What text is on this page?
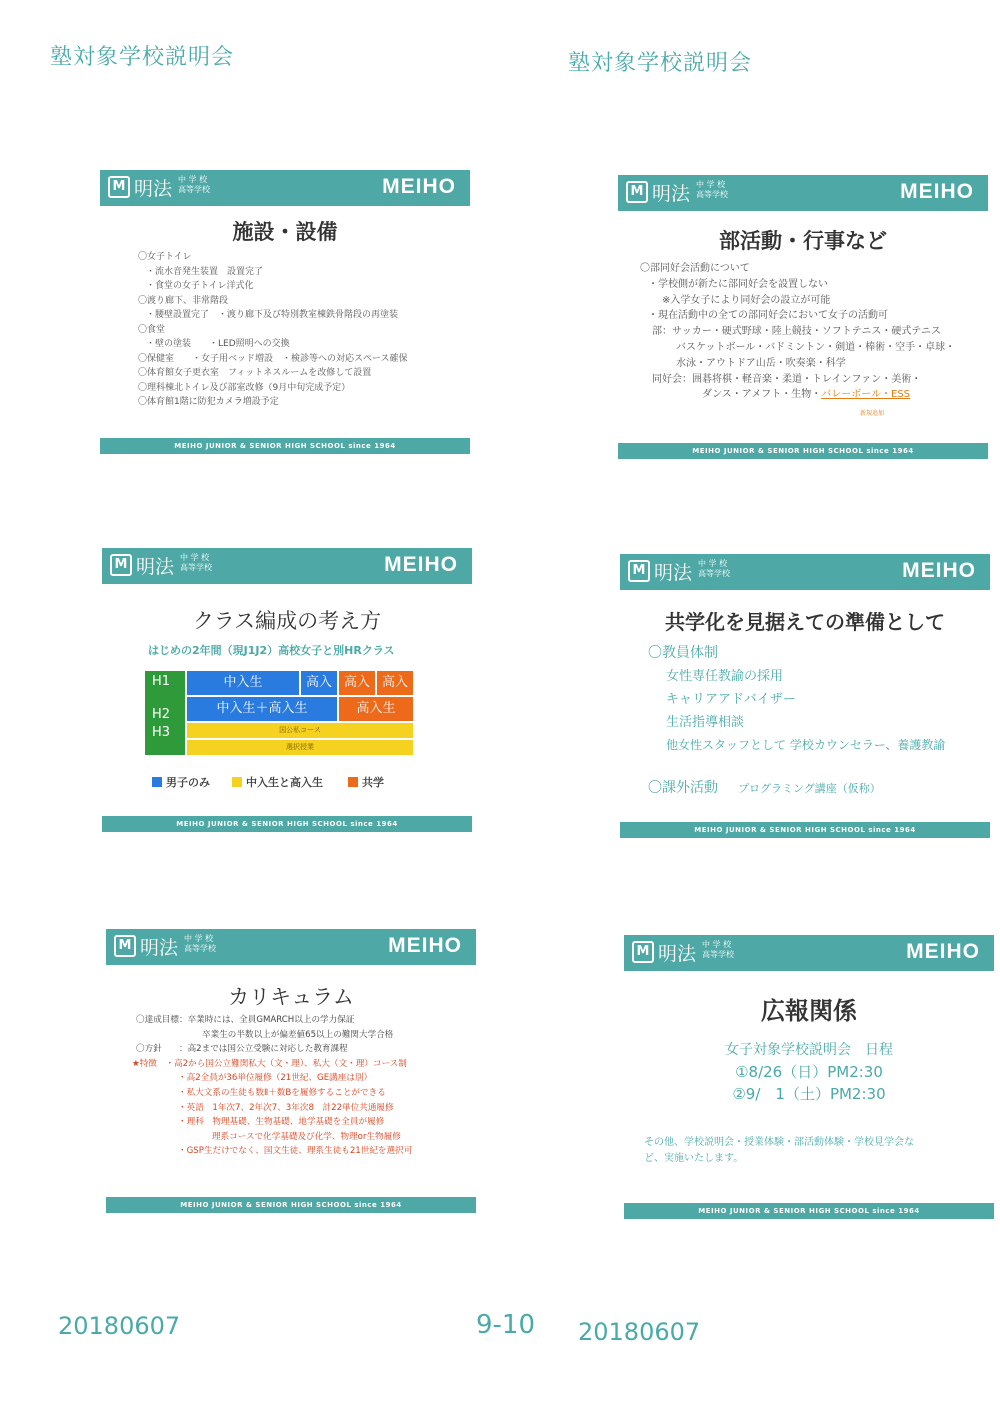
塾対象学校説明会	塾対象学校説明会
M 明法 中 学 校
高等学校	MEIHO
施設・設備
〇女子トイレ
・流水音発生装置　設置完了
・食堂の女子トイレ洋式化
〇渡り廊下、非常階段
・腰壁設置完了　・渡り廊下及び特別教室棟鉄骨階段の再塗装
〇食堂
・壁の塗装　　・LED照明への交換
〇保健室　　・女子用ベッド増設　・検診等への対応スペース確保
〇体育館女子更衣室　フィットネスルームを改修して設置
〇理科棟北トイレ及び部室改修（9月中旬完成予定）
〇体育館1階に防犯カメラ増設予定
MEIHO JUNIOR & SENIOR HIGH SCHOOL since 1964
M 明法 中 学 校
高等学校	MEIHO
部活動・行事など
〇部同好会活動について
・学校側が新たに部同好会を設置しない
※入学女子により同好会の設立が可能
・現在活動中の全ての部同好会において女子の活動可
部：サッカー・硬式野球・陸上競技・ソフトテニス・硬式テニス
バスケットボール・バドミントン・剣道・棒術・空手・卓球・
水泳・アウトドア山岳・吹奏楽・科学
同好会：囲碁将棋・軽音楽・柔道・トレインファン・美術・
ダンス・アメフト・生物・バレーボール・ESS
新規追加
MEIHO JUNIOR & SENIOR HIGH SCHOOL since 1964
M 明法 中 学 校
高等学校	MEIHO
クラス編成の考え方
はじめの2年間（現J1J2）高校女子と別HRクラス
H1
H2
H3
中入生	高入 高入 高入
中入生＋高入生	高入生
国公私コース
選択授業
男子のみ	中入生と高入生	共学
MEIHO JUNIOR & SENIOR HIGH SCHOOL since 1964
M 明法 中 学 校
高等学校	MEIHO
共学化を見据えての準備として
〇教員体制
女性専任教諭の採用
キャリアアドバイザー
生活指導相談
他女性スタッフとして 学校カウンセラー、養護教諭
〇課外活動 プログラミング講座（仮称）
MEIHO JUNIOR & SENIOR HIGH SCHOOL since 1964
M 明法 中 学 校
高等学校	MEIHO
カリキュラム
〇達成目標：卒業時には、全員GMARCH以上の学力保証
卒業生の半数以上が偏差値65以上の難関大学合格
〇方針　　：高2までは国公立受験に対応した教育課程
★特徴　・高2から国公立難関私大（文・理）、私大（文・理）コース制
・高2全員が36単位履修（21世紀、GE講座は別）
・私大文系の生徒も数Ⅱ＋数Bを履修することができる
・英語　1年次7、2年次7、3年次8　計22単位共通履修
・理科　物理基礎、生物基礎、地学基礎を全員が履修
理系コースで化学基礎及び化学、物理or生物履修
・GSP生だけでなく、国文生徒、理系生徒も21世紀を選択可
MEIHO JUNIOR & SENIOR HIGH SCHOOL since 1964
M 明法 中 学 校
高等学校	MEIHO
広報関係
女子対象学校説明会　日程
①8/26（日）PM2:30
②9/　1（土）PM2:30
その他、学校説明会・授業体験・部活動体験・学校見学会な
ど、実施いたします。
MEIHO JUNIOR & SENIOR HIGH SCHOOL since 1964
20180607	9-10 20180607
